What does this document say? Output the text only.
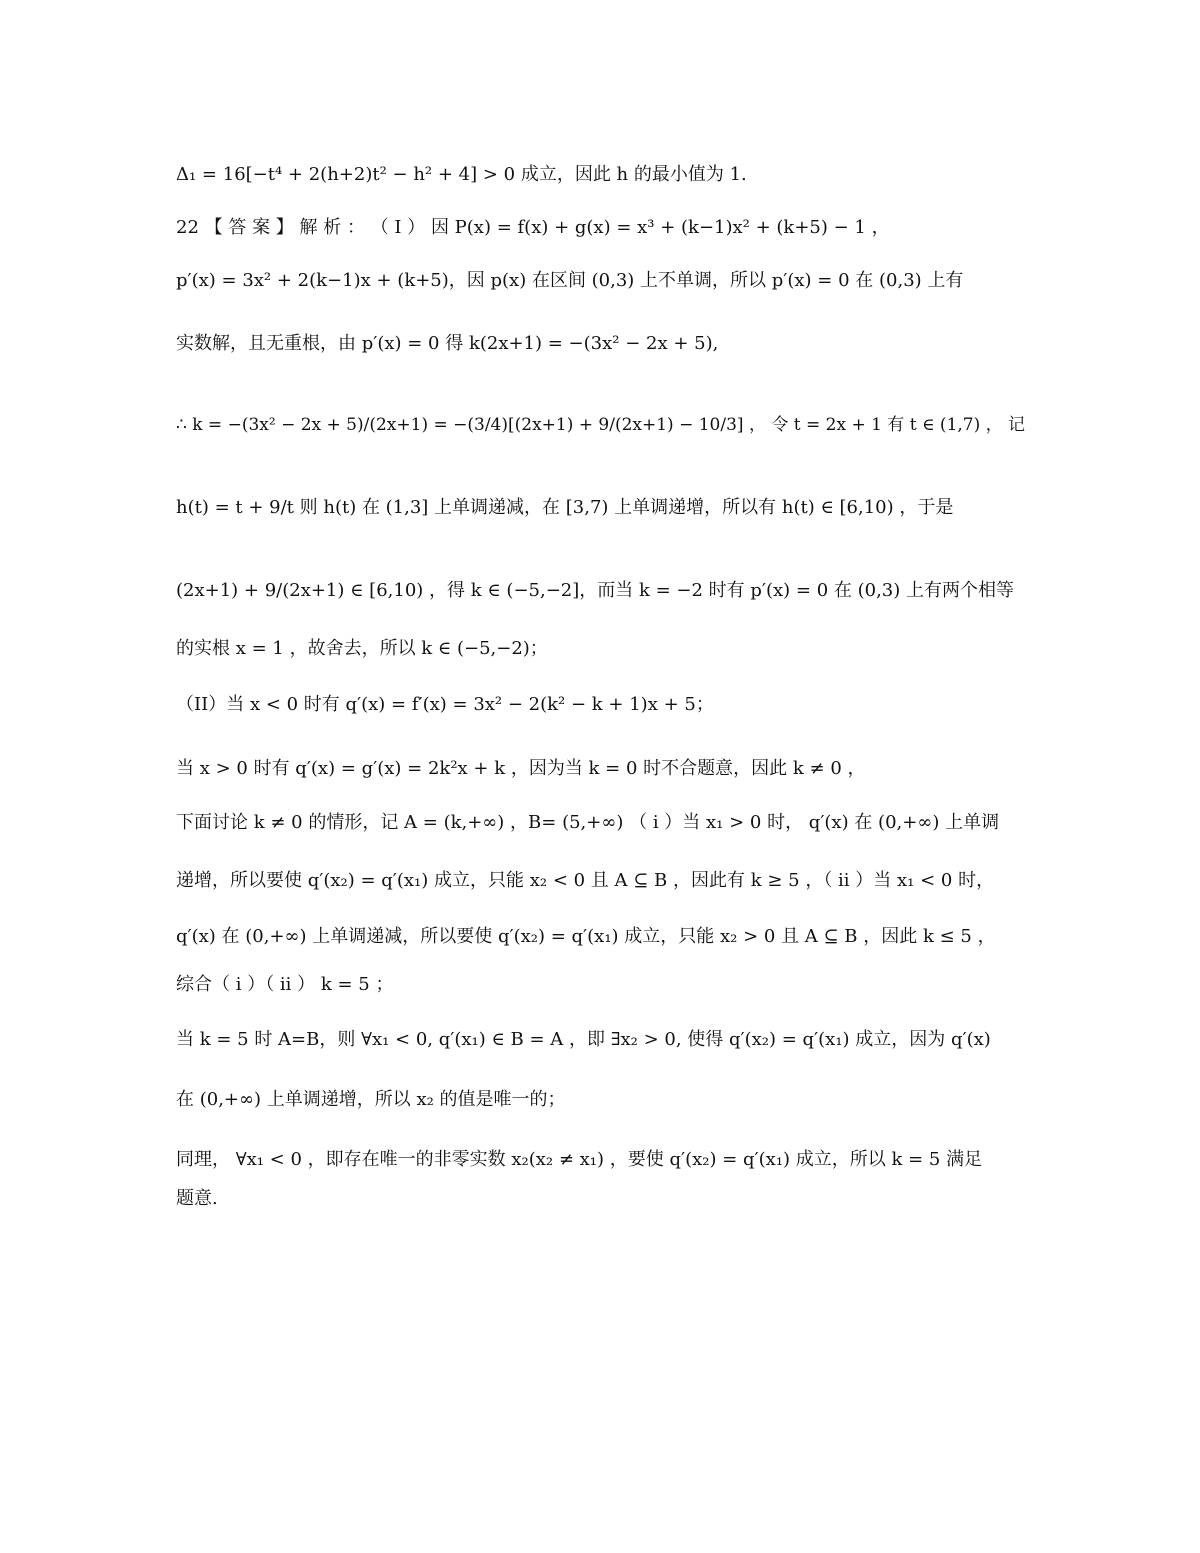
Δ₁ = 16[−t⁴ + 2(h+2)t² − h² + 4] > 0 成立，因此 h 的最小值为 1.
22 【 答 案 】 解 析 ： （ I ） 因 P(x) = f(x) + g(x) = x³ + (k−1)x² + (k+5) − 1 ，
p′(x) = 3x² + 2(k−1)x + (k+5)，因 p(x) 在区间 (0,3) 上不单调，所以 p′(x) = 0 在 (0,3) 上有
实数解，且无重根，由 p′(x) = 0 得 k(2x+1) = −(3x² − 2x + 5),
∴ k = −(3x² − 2x + 5)/(2x+1) = −(3/4)[(2x+1) + 9/(2x+1) − 10/3] ， 令 t = 2x + 1 有 t ∈ (1,7) ， 记
h(t) = t + 9/t 则 h(t) 在 (1,3] 上单调递减，在 [3,7) 上单调递增，所以有 h(t) ∈ [6,10) ，于是
(2x+1) + 9/(2x+1) ∈ [6,10) ，得 k ∈ (−5,−2]，而当 k = −2 时有 p′(x) = 0 在 (0,3) 上有两个相等
的实根 x = 1 ，故舍去，所以 k ∈ (−5,−2)；
（II）当 x < 0 时有 q′(x) = f′(x) = 3x² − 2(k² − k + 1)x + 5；
当 x > 0 时有 q′(x) = g′(x) = 2k²x + k ，因为当 k = 0 时不合题意，因此 k ≠ 0 ，
下面讨论 k ≠ 0 的情形，记 A = (k,+∞) ，B= (5,+∞) （ i ）当 x₁ > 0 时， q′(x) 在 (0,+∞) 上单调
递增，所以要使 q′(x₂) = q′(x₁) 成立，只能 x₂ < 0 且 A ⊆ B ，因此有 k ≥ 5 ，（ ii ）当 x₁ < 0 时，
q′(x) 在 (0,+∞) 上单调递减，所以要使 q′(x₂) = q′(x₁) 成立，只能 x₂ > 0 且 A ⊆ B ，因此 k ≤ 5 ，
综合（ i ）（ ii ） k = 5 ；
当 k = 5 时 A=B，则 ∀x₁ < 0, q′(x₁) ∈ B = A ，即 ∃x₂ > 0, 使得 q′(x₂) = q′(x₁) 成立，因为 q′(x)
在 (0,+∞) 上单调递增，所以 x₂ 的值是唯一的；
同理， ∀x₁ < 0 ，即存在唯一的非零实数 x₂(x₂ ≠ x₁) ，要使 q′(x₂) = q′(x₁) 成立，所以 k = 5 满足
题意.
